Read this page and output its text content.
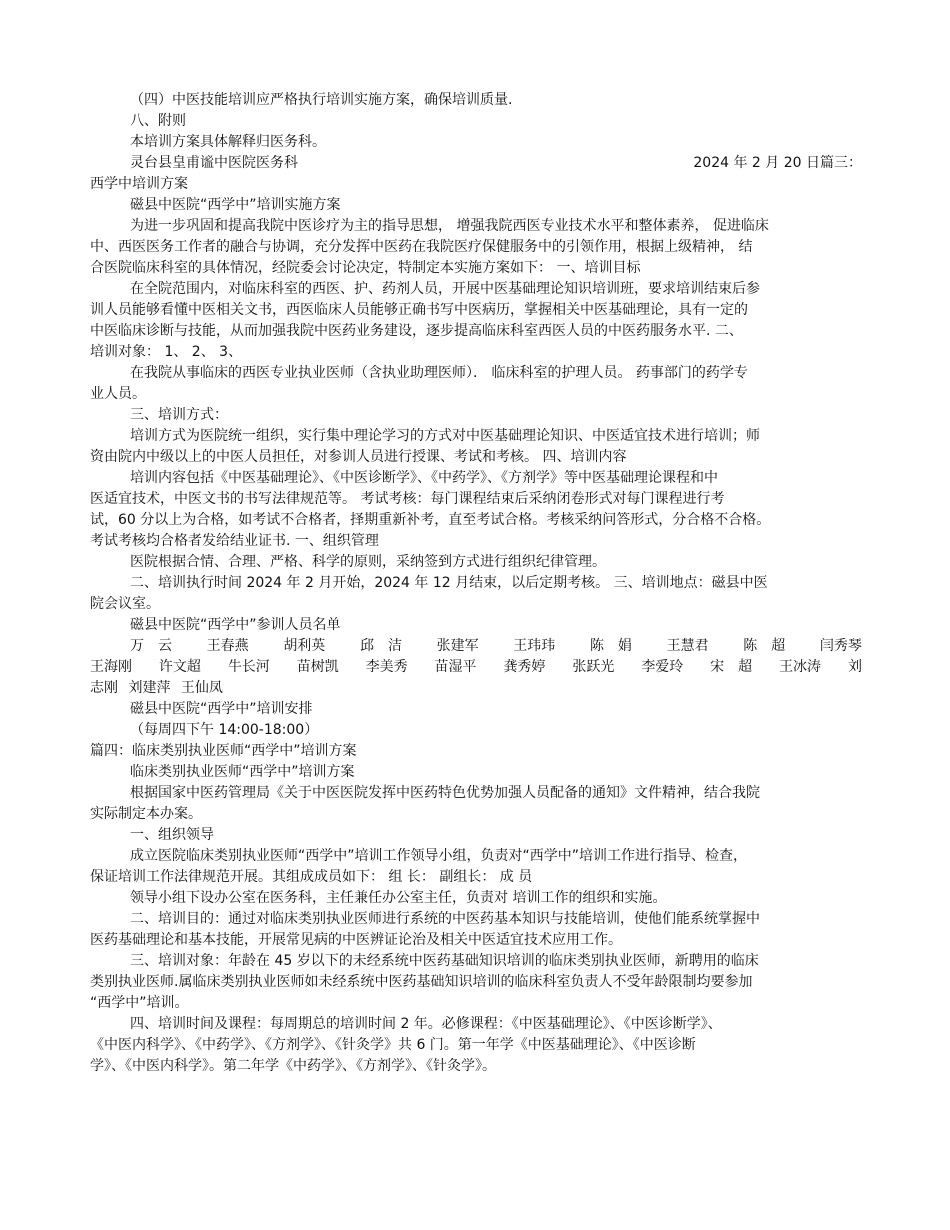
（四）中医技能培训应严格执行培训实施方案，确保培训质量.
八、附则
本培训方案具体解释归医务科。
灵台县皇甫谧中医院医务科	2024 年 2 月 20 日篇三：
西学中培训方案
磁县中医院“西学中”培训实施方案
为进一步巩固和提高我院中医诊疗为主的指导思想， 增强我院西医专业技术水平和整体素养， 促进临床
中、西医医务工作者的融合与协调，充分发挥中医药在我院医疗保健服务中的引领作用，根据上级精神， 结
合医院临床科室的具体情况，经院委会讨论决定，特制定本实施方案如下： 一、培训目标
在全院范围内，对临床科室的西医、护、药剂人员，开展中医基础理论知识培训班，要求培训结束后参
训人员能够看懂中医相关文书，西医临床人员能够正确书写中医病历，掌握相关中医基础理论，具有一定的
中医临床诊断与技能，从而加强我院中医药业务建设，逐步提高临床科室西医人员的中医药服务水平. 二、
培训对象： 1、 2、 3、
在我院从事临床的西医专业执业医师（含执业助理医师）． 临床科室的护理人员。 药事部门的药学专
业人员。
三、培训方式：
培训方式为医院统一组织，实行集中理论学习的方式对中医基础理论知识、中医适宜技术进行培训；师
资由院内中级以上的中医人员担任，对参训人员进行授课、考试和考核。 四、培训内容
培训内容包括《中医基础理论》、《中医诊断学》、《中药学》、《方剂学》等中医基础理论课程和中
医适宜技术，中医文书的书写法律规范等。 考试考核：每门课程结束后采纳闭卷形式对每门课程进行考
试，60 分以上为合格，如考试不合格者，择期重新补考，直至考试合格。考核采纳问答形式，分合格不合格。
考试考核均合格者发给结业证书. 一、组织管理
医院根据合情、合理、严格、科学的原则，采纳签到方式进行组织纪律管理。
二、培训执行时间 2024 年 2 月开始，2024 年 12 月结束，以后定期考核。 三、培训地点：磁县中医
院会议室。
磁县中医院“西学中”参训人员名单
万　云 王春燕 胡利英 邱　洁 张建军 王玮玮 陈　娟 王慧君 陈　超 闫秀琴
王海刚 许文超 牛长河 苗树凯 李美秀 苗湿平 龚秀婷 张跃光 李爱玲 宋　超 王冰涛 刘
志刚 刘建萍 王仙凤
磁县中医院“西学中”培训安排
（每周四下午 14:00-18:00）
篇四：临床类别执业医师“西学中”培训方案
临床类别执业医师“西学中”培训方案
根据国家中医药管理局《关于中医医院发挥中医药特色优势加强人员配备的通知》文件精神，结合我院
实际制定本办案。
一、组织领导
成立医院临床类别执业医师“西学中”培训工作领导小组，负责对“西学中”培训工作进行指导、检查，
保证培训工作法律规范开展。其组成成员如下： 组 长： 副组长： 成 员
领导小组下设办公室在医务科，主任兼任办公室主任，负责对 培训工作的组织和实施。
二、培训目的：通过对临床类别执业医师进行系统的中医药基本知识与技能培训，使他们能系统掌握中
医药基础理论和基本技能，开展常见病的中医辨证论治及相关中医适宜技术应用工作。
三、培训对象：年龄在 45 岁以下的未经系统中医药基础知识培训的临床类别执业医师，新聘用的临床
类别执业医师.属临床类别执业医师如未经系统中医药基础知识培训的临床科室负责人不受年龄限制均要参加
“西学中”培训。
四、培训时间及课程：每周期总的培训时间 2 年。必修课程：《中医基础理论》、《中医诊断学》、
《中医内科学》、《中药学》、《方剂学》、《针灸学》共 6 门。第一年学《中医基础理论》、《中医诊断
学》、《中医内科学》。第二年学《中药学》、《方剂学》、《针灸学》。
